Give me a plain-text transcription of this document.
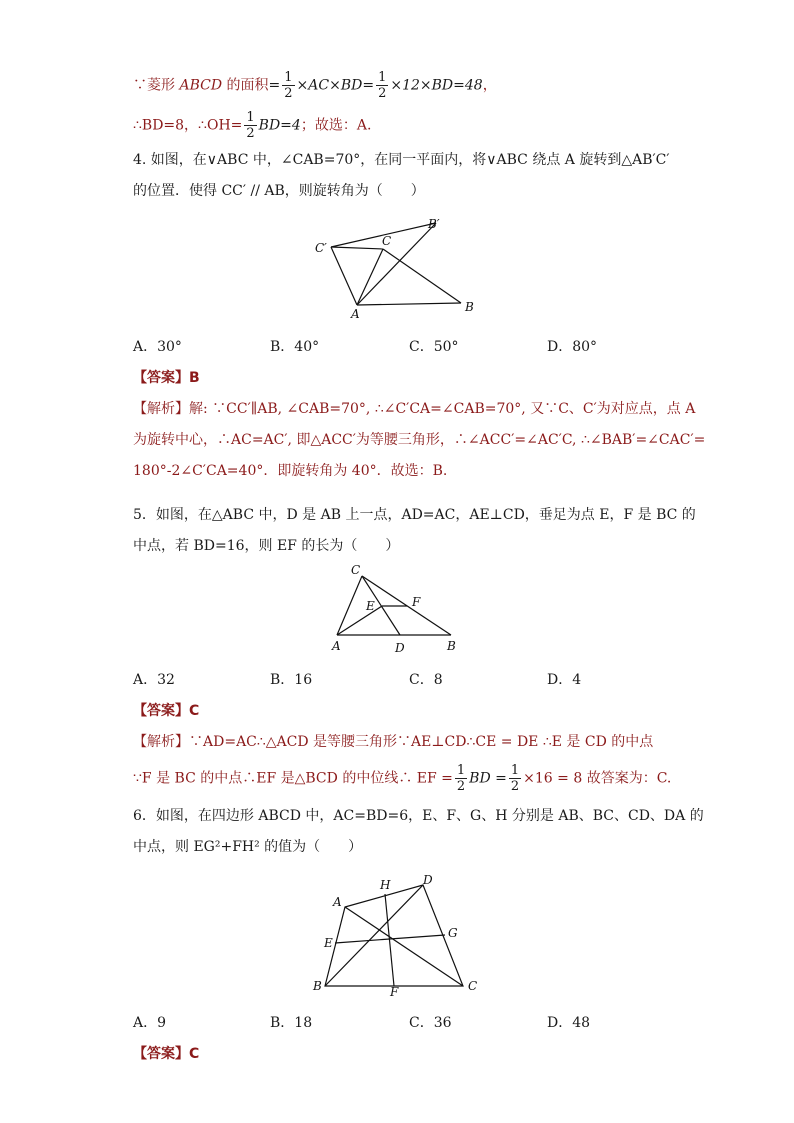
∵菱形 ABCD 的面积= $\frac{1}{2} \times AC\times BD= \frac{1}{2} \times 12\times BD=48$，
∴BD=8，∴OH= $\frac{1}{2} BD=4$；故选：A.
4. 如图，在∨ABC 中，∠CAB=70°，在同一平面内，将∨ABC 绕点 A 旋转到△AB′C′
的位置．使得 CC′ // AB，则旋转角为（　　）
C′	C
B′
A	B
A．30°	B．40°	C．50°	D．80°
【答案】B
【解析】解: ∵CC′∥AB, ∠CAB=70°, ∴∠C′CA=∠CAB=70°, 又∵C、C′为对应点，点 A
为旋转中心，∴AC=AC′, 即△ACC′为等腰三角形，∴∠ACC′=∠AC′C, ∴∠BAB′=∠CAC′=
180°-2∠C′CA=40°．即旋转角为 40°．故选：B.
5．如图，在△ABC 中，D 是 AB 上一点，AD=AC，AE⊥CD，垂足为点 E，F 是 BC 的
中点，若 BD=16，则 EF 的长为（　　）
C
E	F
A	D	B
A．32	B．16	C．8	D．4
【答案】C
【解析】∵AD=AC∴△ACD 是等腰三角形∵AE⊥CD∴CE = DE ∴E 是 CD 的中点
∵F 是 BC 的中点∴EF 是△BCD 的中位线∴ EF = $\frac{1}{2}$ BD = $\frac{1}{2} \times 16 = 8$ 故答案为：C.
6．如图，在四边形 ABCD 中，AC=BD=6，E、F、G、H 分别是 AB、BC、CD、DA 的
中点，则 EG²+FH² 的值为（　　）
A
H	D
E
G
B	F	C
A．9	B．18	C．36	D．48
【答案】C
